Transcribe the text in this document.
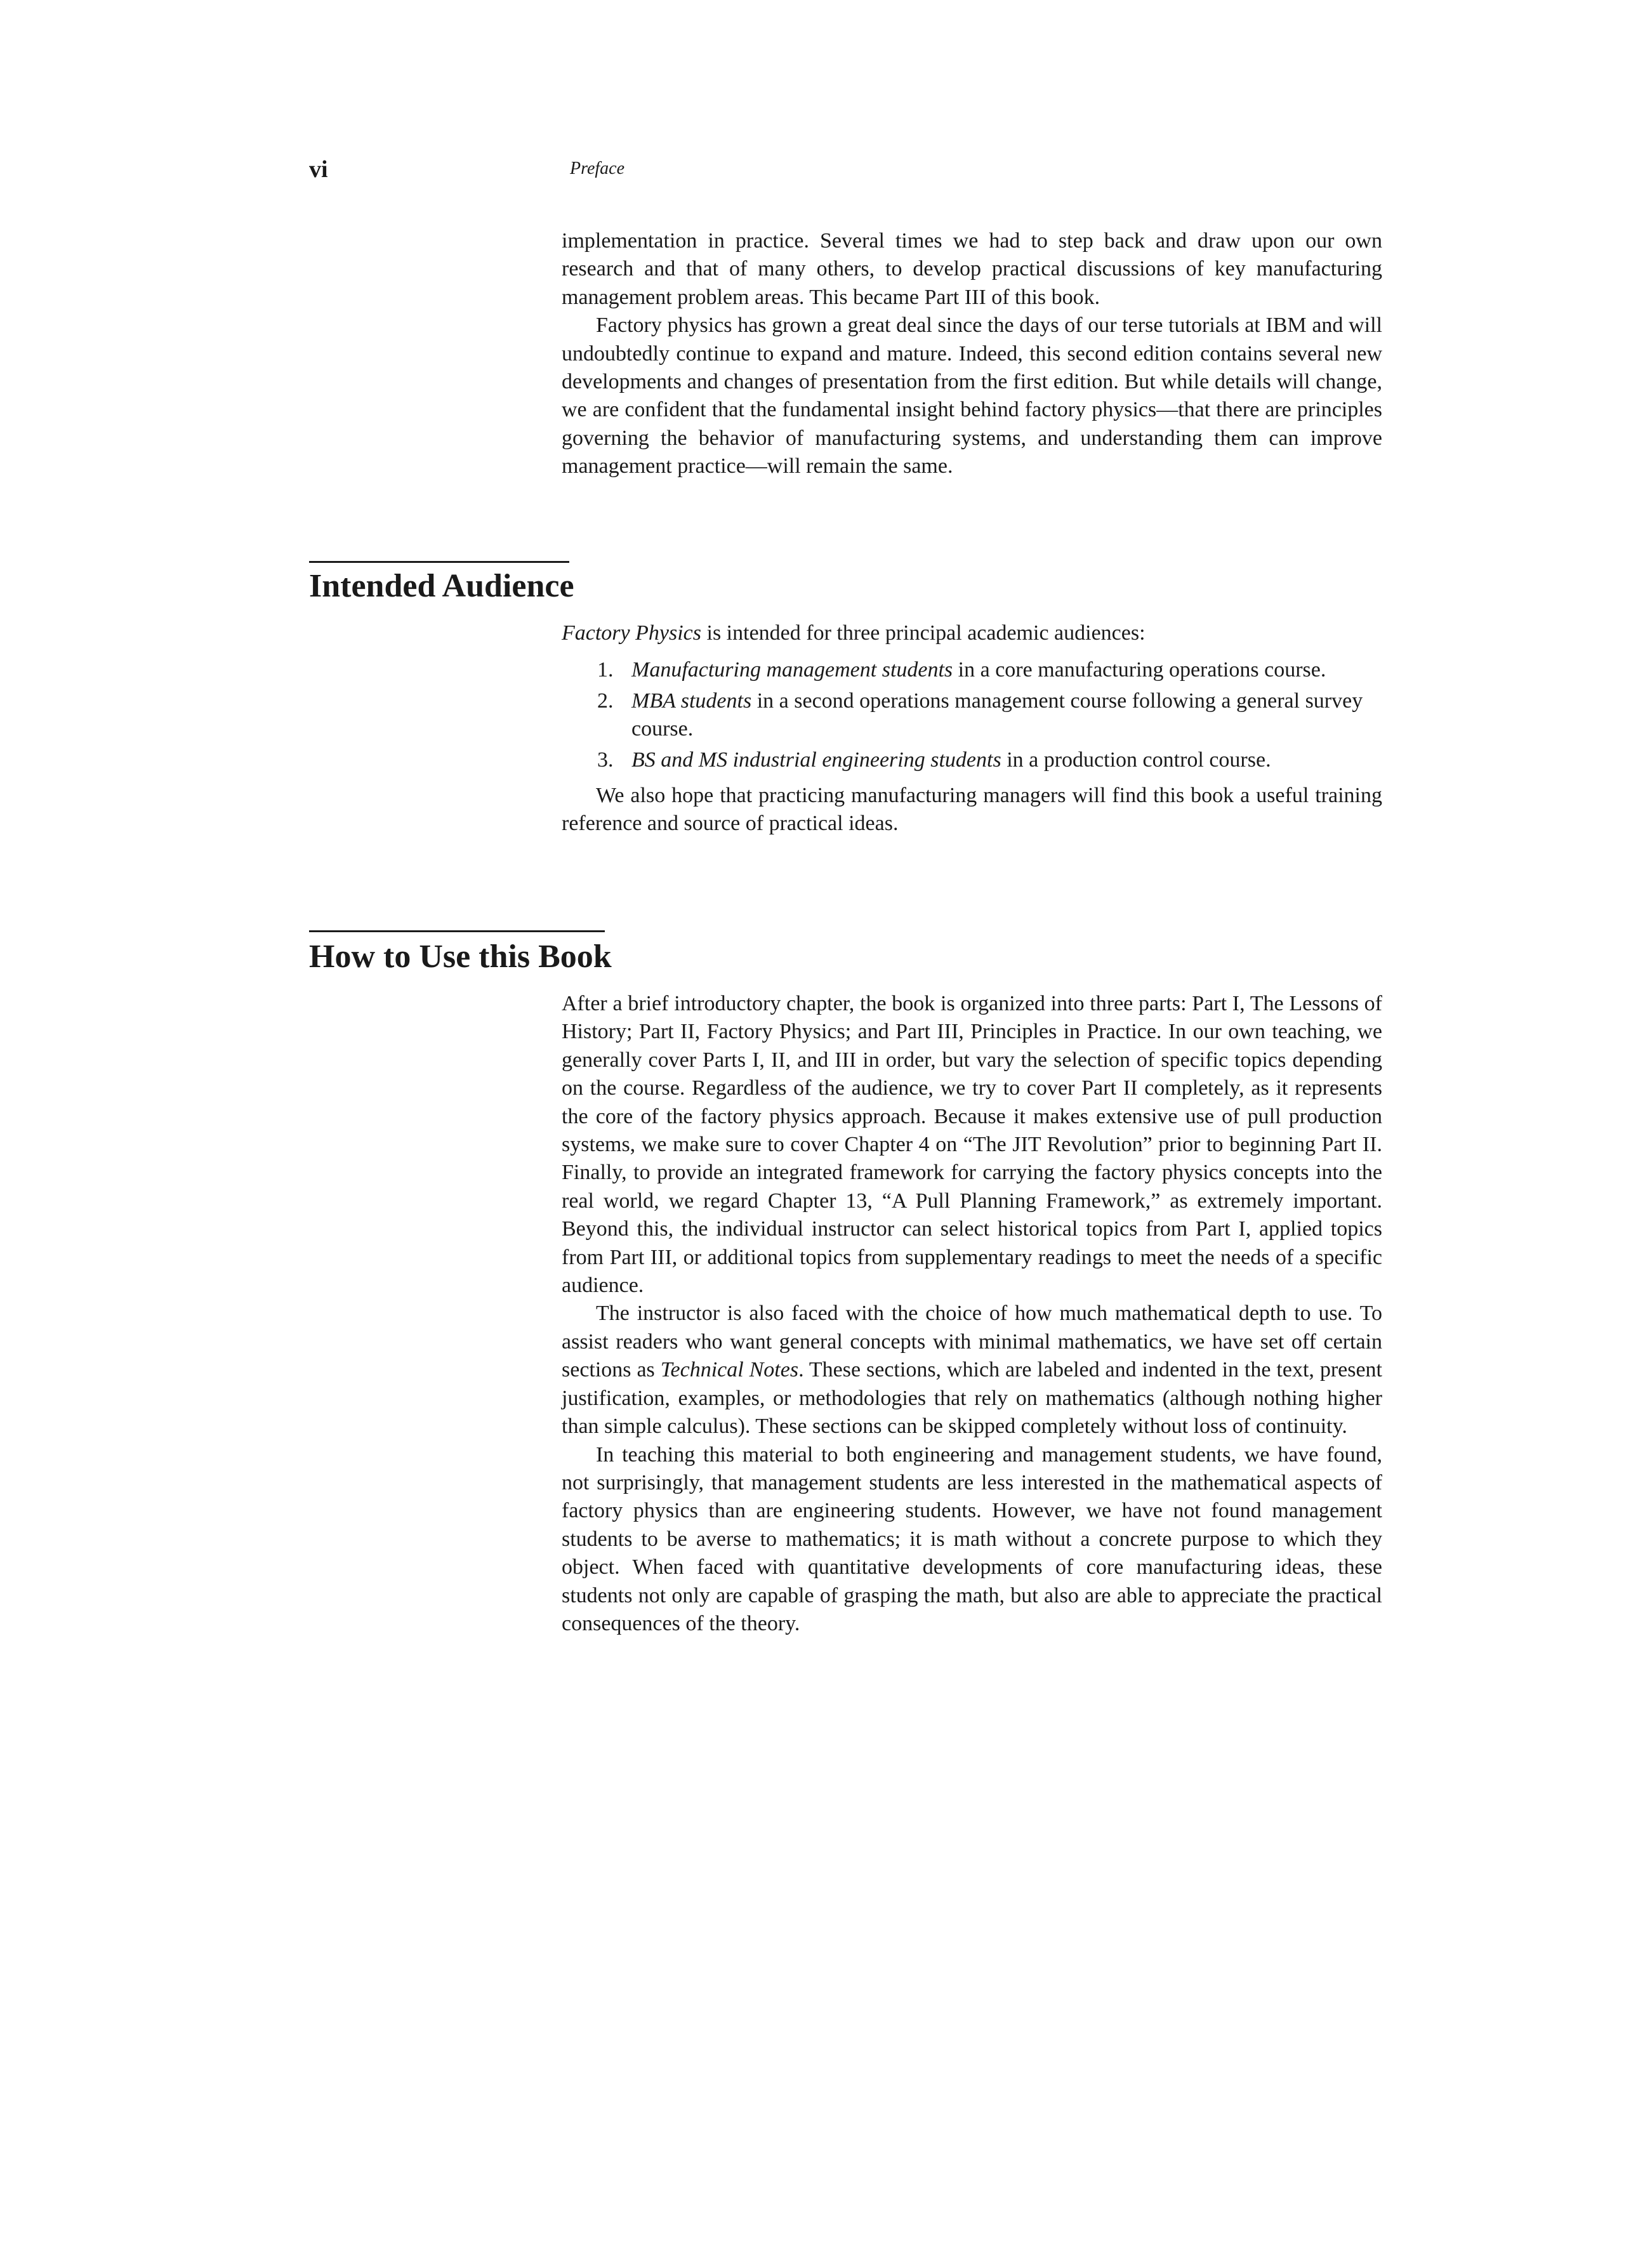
vi	Preface

implementation in practice. Several times we had to step back and draw upon our own research and that of many others, to develop practical discussions of key manufacturing management problem areas. This became Part III of this book.

Factory physics has grown a great deal since the days of our terse tutorials at IBM and will undoubtedly continue to expand and mature. Indeed, this second edition contains several new developments and changes of presentation from the first edition. But while details will change, we are confident that the fundamental insight behind factory physics—that there are principles governing the behavior of manufacturing systems, and understanding them can improve management practice—will remain the same.

Intended Audience

Factory Physics is intended for three principal academic audiences:

1. Manufacturing management students in a core manufacturing operations course.
2. MBA students in a second operations management course following a general survey course.
3. BS and MS industrial engineering students in a production control course.

We also hope that practicing manufacturing managers will find this book a useful training reference and source of practical ideas.

How to Use this Book

After a brief introductory chapter, the book is organized into three parts: Part I, The Lessons of History; Part II, Factory Physics; and Part III, Principles in Practice. In our own teaching, we generally cover Parts I, II, and III in order, but vary the selection of specific topics depending on the course. Regardless of the audience, we try to cover Part II completely, as it represents the core of the factory physics approach. Because it makes extensive use of pull production systems, we make sure to cover Chapter 4 on “The JIT Revolution” prior to beginning Part II. Finally, to provide an integrated framework for carrying the factory physics concepts into the real world, we regard Chapter 13, “A Pull Planning Framework,” as extremely important. Beyond this, the individual instructor can select historical topics from Part I, applied topics from Part III, or additional topics from supplementary readings to meet the needs of a specific audience.

The instructor is also faced with the choice of how much mathematical depth to use. To assist readers who want general concepts with minimal mathematics, we have set off certain sections as Technical Notes. These sections, which are labeled and indented in the text, present justification, examples, or methodologies that rely on mathematics (although nothing higher than simple calculus). These sections can be skipped completely without loss of continuity.

In teaching this material to both engineering and management students, we have found, not surprisingly, that management students are less interested in the mathematical aspects of factory physics than are engineering students. However, we have not found management students to be averse to mathematics; it is math without a concrete purpose to which they object. When faced with quantitative developments of core manufacturing ideas, these students not only are capable of grasping the math, but also are able to appreciate the practical consequences of the theory.
